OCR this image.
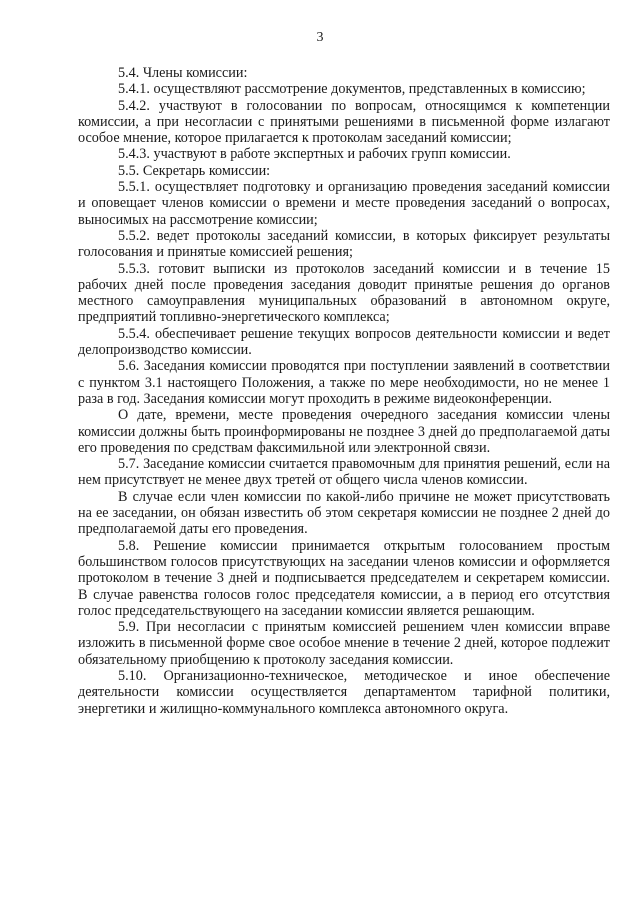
3

5.4. Члены комиссии:

5.4.1. осуществляют рассмотрение документов, представленных в комиссию;

5.4.2. участвуют в голосовании по вопросам, относящимся к компетенции комиссии, а при несогласии с принятыми решениями в письменной форме излагают особое мнение, которое прилагается к протоколам заседаний комиссии;

5.4.3. участвуют в работе экспертных и рабочих групп комиссии.

5.5. Секретарь комиссии:

5.5.1. осуществляет подготовку и организацию проведения заседаний комиссии и оповещает членов комиссии о времени и месте проведения заседаний о вопросах, выносимых на рассмотрение комиссии;

5.5.2. ведет протоколы заседаний комиссии, в которых фиксирует результаты голосования и принятые комиссией решения;

5.5.3. готовит выписки из протоколов заседаний комиссии и в течение 15 рабочих дней после проведения заседания доводит принятые решения до органов местного самоуправления муниципальных образований в автономном округе, предприятий топливно-энергетического комплекса;

5.5.4. обеспечивает решение текущих вопросов деятельности комиссии и ведет делопроизводство комиссии.

5.6. Заседания комиссии проводятся при поступлении заявлений в соответствии с пунктом 3.1 настоящего Положения, а также по мере необходимости, но не менее 1 раза в год. Заседания комиссии могут проходить в режиме видеоконференции.

О дате, времени, месте проведения очередного заседания комиссии члены комиссии должны быть проинформированы не позднее 3 дней до предполагаемой даты его проведения по средствам факсимильной или электронной связи.

5.7. Заседание комиссии считается правомочным для принятия решений, если на нем присутствует не менее двух третей от общего числа членов комиссии.

В случае если член комиссии по какой-либо причине не может присутствовать на ее заседании, он обязан известить об этом секретаря комиссии не позднее 2 дней до предполагаемой даты его проведения.

5.8. Решение комиссии принимается открытым голосованием простым большинством голосов присутствующих на заседании членов комиссии и оформляется протоколом в течение 3 дней и подписывается председателем и секретарем комиссии. В случае равенства голосов голос председателя комиссии, а в период его отсутствия голос председательствующего на заседании комиссии является решающим.

5.9. При несогласии с принятым комиссией решением член комиссии вправе изложить в письменной форме свое особое мнение в течение 2 дней, которое подлежит обязательному приобщению к протоколу заседания комиссии.

5.10. Организационно-техническое, методическое и иное обеспечение деятельности комиссии осуществляется департаментом тарифной политики, энергетики и жилищно-коммунального комплекса автономного округа.
